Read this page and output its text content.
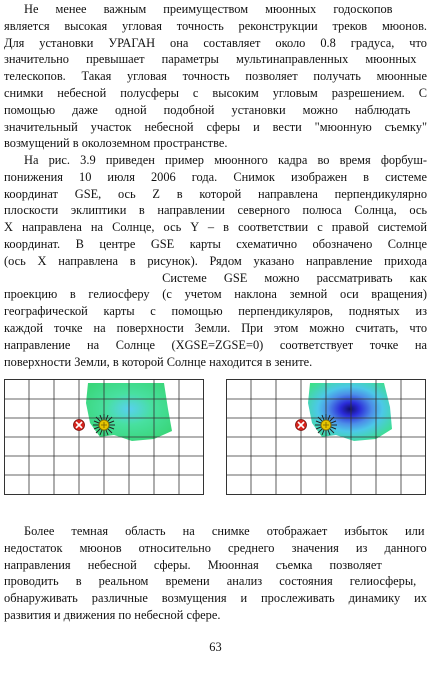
Не менее важным преимуществом мюонных годоскопов
является высокая угловая точность реконструкции треков мюонов.
Для установки УРАГАН она составляет около 0.8 градуса, что
значительно превышает параметры мультинаправленных мюонных
телескопов. Такая угловая точность позволяет получать мюонные
снимки небесной полусферы с высоким угловым разрешением. С
помощью даже одной подобной установки можно наблюдать
значительный участок небесной сферы и вести "мюонную съемку"
возмущений в околоземном пространстве.

На рис. 3.9 приведен пример мюонного кадра во время форбуш-
понижения 10 июля 2006 года. Снимок изображен в системе
координат GSE, ось Z в которой направлена перпендикулярно
плоскости эклиптики в направлении северного полюса Солнца, ось
X направлена на Солнце, ось Y – в соответствии с правой системой
координат. В центре GSE карты схематично обозначено Солнце
(ось X направлена в рисунок). Рядом указано направление прихода
Системе GSE можно рассматривать как
проекцию в гелиосферу (с учетом наклона земной оси вращения)
географической карты с помощью перпендикуляров, поднятых из
каждой точке на поверхности Земли. При этом можно считать, что
направление на Солнце (XGSE=ZGSE=0) соответствует точке на
поверхности Земли, в которой Солнце находится в зените.

Более темная область на снимке отображает избыток или
недостаток мюонов относительно среднего значения из данного
направления небесной сферы. Мюонная съемка позволяет
проводить в реальном времени анализ состояния гелиосферы,
обнаруживать различные возмущения и прослеживать динамику их
развития и движения по небесной сфере.

63
